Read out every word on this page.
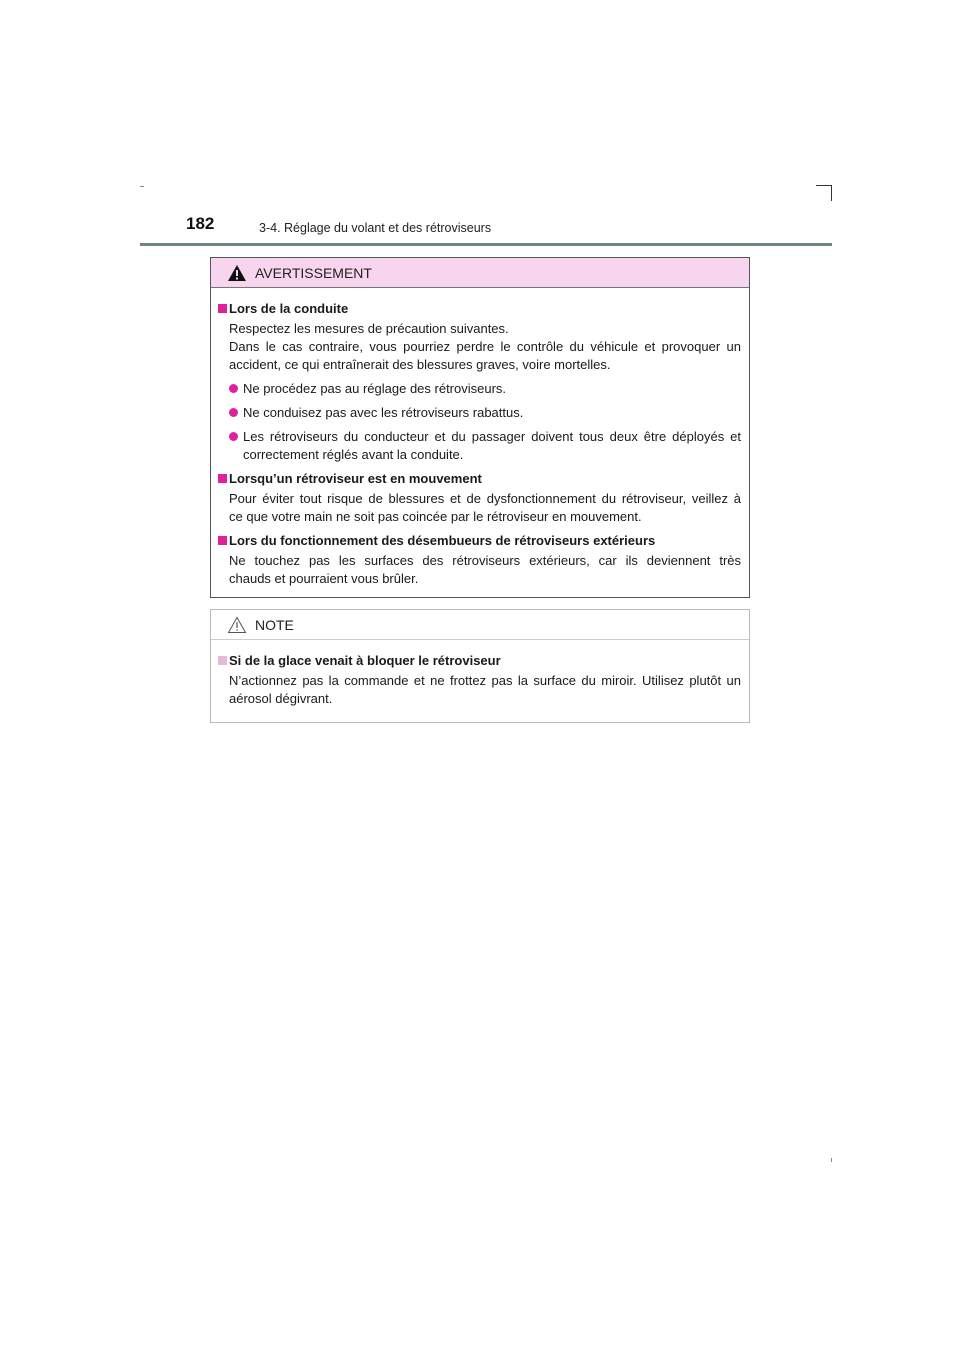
182	3-4. Réglage du volant et des rétroviseurs
AVERTISSEMENT
Lors de la conduite
Respectez les mesures de précaution suivantes.
Dans le cas contraire, vous pourriez perdre le contrôle du véhicule et provoquer un
accident, ce qui entraînerait des blessures graves, voire mortelles.
Ne procédez pas au réglage des rétroviseurs.
Ne conduisez pas avec les rétroviseurs rabattus.
Les rétroviseurs du conducteur et du passager doivent tous deux être déployés et
correctement réglés avant la conduite.
Lorsqu’un rétroviseur est en mouvement
Pour éviter tout risque de blessures et de dysfonctionnement du rétroviseur, veillez à
ce que votre main ne soit pas coincée par le rétroviseur en mouvement.
Lors du fonctionnement des désembueurs de rétroviseurs extérieurs
Ne touchez pas les surfaces des rétroviseurs extérieurs, car ils deviennent très
chauds et pourraient vous brûler.
NOTE
Si de la glace venait à bloquer le rétroviseur
N’actionnez pas la commande et ne frottez pas la surface du miroir. Utilisez plutôt un
aérosol dégivrant.
